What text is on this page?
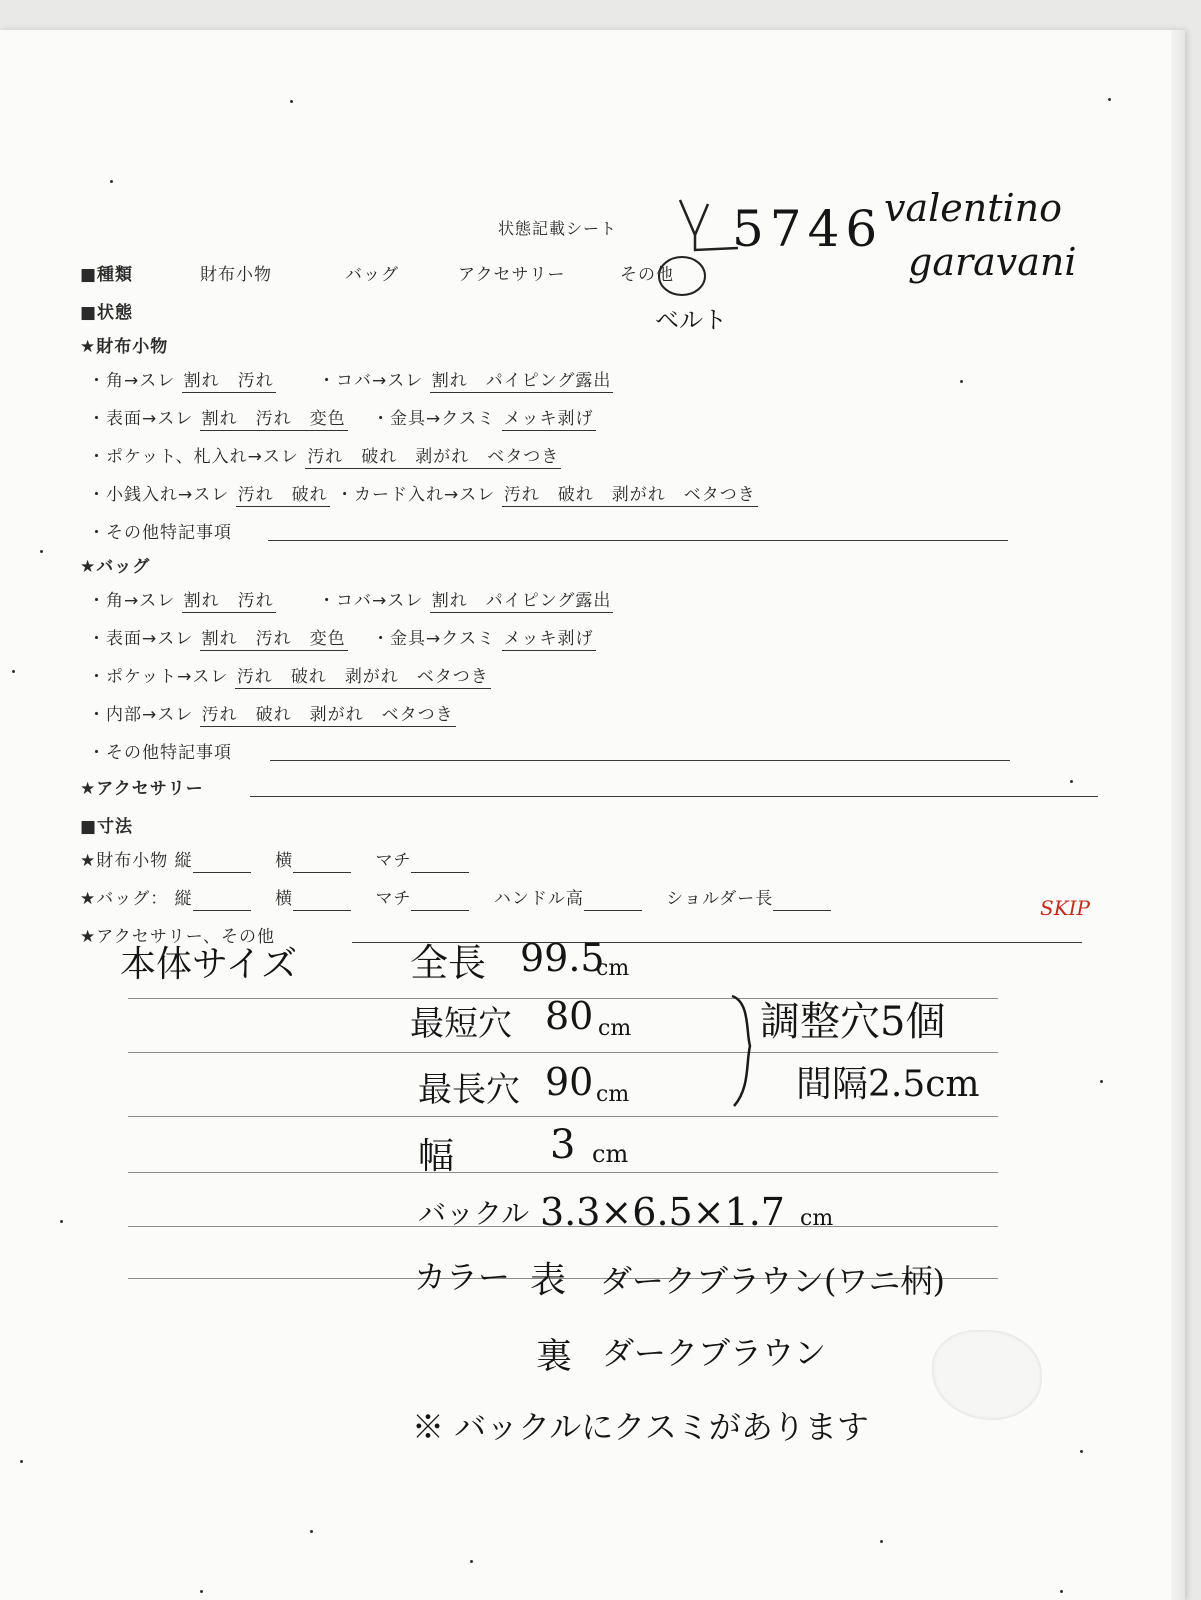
状態記載シート 5746 valentino
garavani
■種類	財布小物	バッグ	アクセサリー	その他
ベルト
■状態
★財布小物
・角→スレ 割れ　 汚れ 　　	・コバ→スレ 割れ　 パイピング露出
・表面→スレ 割れ　 汚れ　 変色 　 ・金具→クスミ メッキ剥げ
・ポケット、札入れ→スレ 汚れ　 破れ　 剥がれ　 ベタつき
・小銭入れ→スレ 汚れ　 破れ ・カード入れ→スレ 汚れ　 破れ　 剥がれ　 ベタつき
・その他特記事項
★バッグ
・角→スレ 割れ　 汚れ 　　	・コバ→スレ 割れ　 パイピング露出
・表面→スレ 割れ　 汚れ　 変色 　 ・金具→クスミ メッキ剥げ
・ポケット→スレ 汚れ　 破れ　 剥がれ　 ベタつき
・内部→スレ 汚れ　 破れ　 剥がれ　 ベタつき
・その他特記事項
★アクセサリー
■寸法
★財布小物 縦　　　　	横　　　　	マチ　　　
★バッグ： 縦　　　　	横　　　　	マチ　　　　	ハンドル高　　　　	ショルダー長　　　
★アクセサリー、その他
SKIP
本体サイズ	全長 99.5
cm
最短穴 80 cm
最長穴 90 cm
調整穴5個
間隔2.5cm
幅 3 cm
バックル 3.3×6.5×1.7 cm
カラー 表 ダークブラウン(ワニ柄)
裏 ダークブラウン
※ バックルにクスミがあります
